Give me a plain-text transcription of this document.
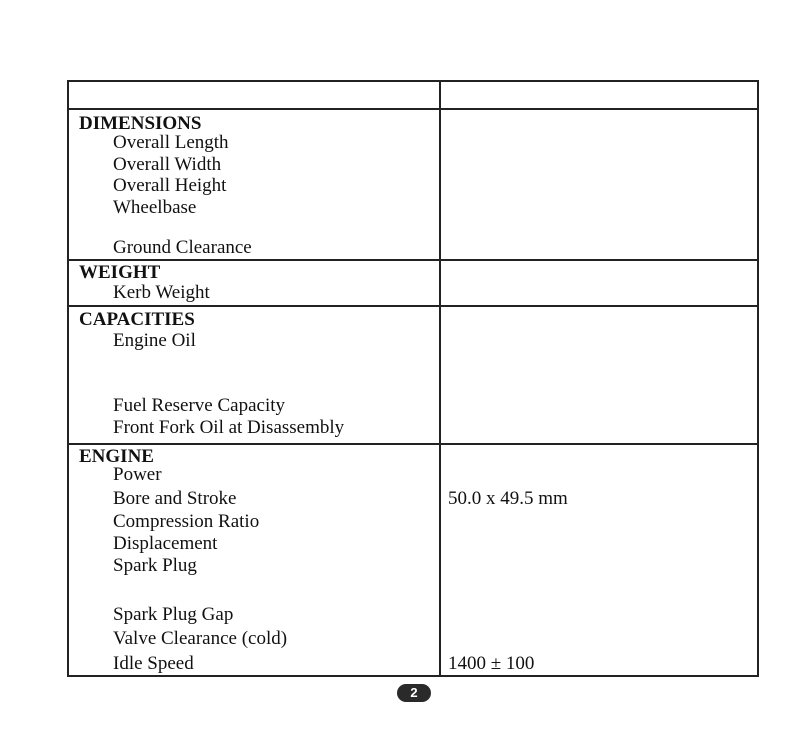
DIMENSIONS
Overall Length
Overall Width
Overall Height
Wheelbase
Ground Clearance
WEIGHT
Kerb Weight
CAPACITIES
Engine Oil
Fuel Reserve Capacity
Front Fork Oil at Disassembly
ENGINE
Power
Bore and Stroke
Compression Ratio
Displacement
Spark Plug
Spark Plug Gap
Valve Clearance (cold)
Idle Speed
50.0 x 49.5 mm
1400 ± 100
2
